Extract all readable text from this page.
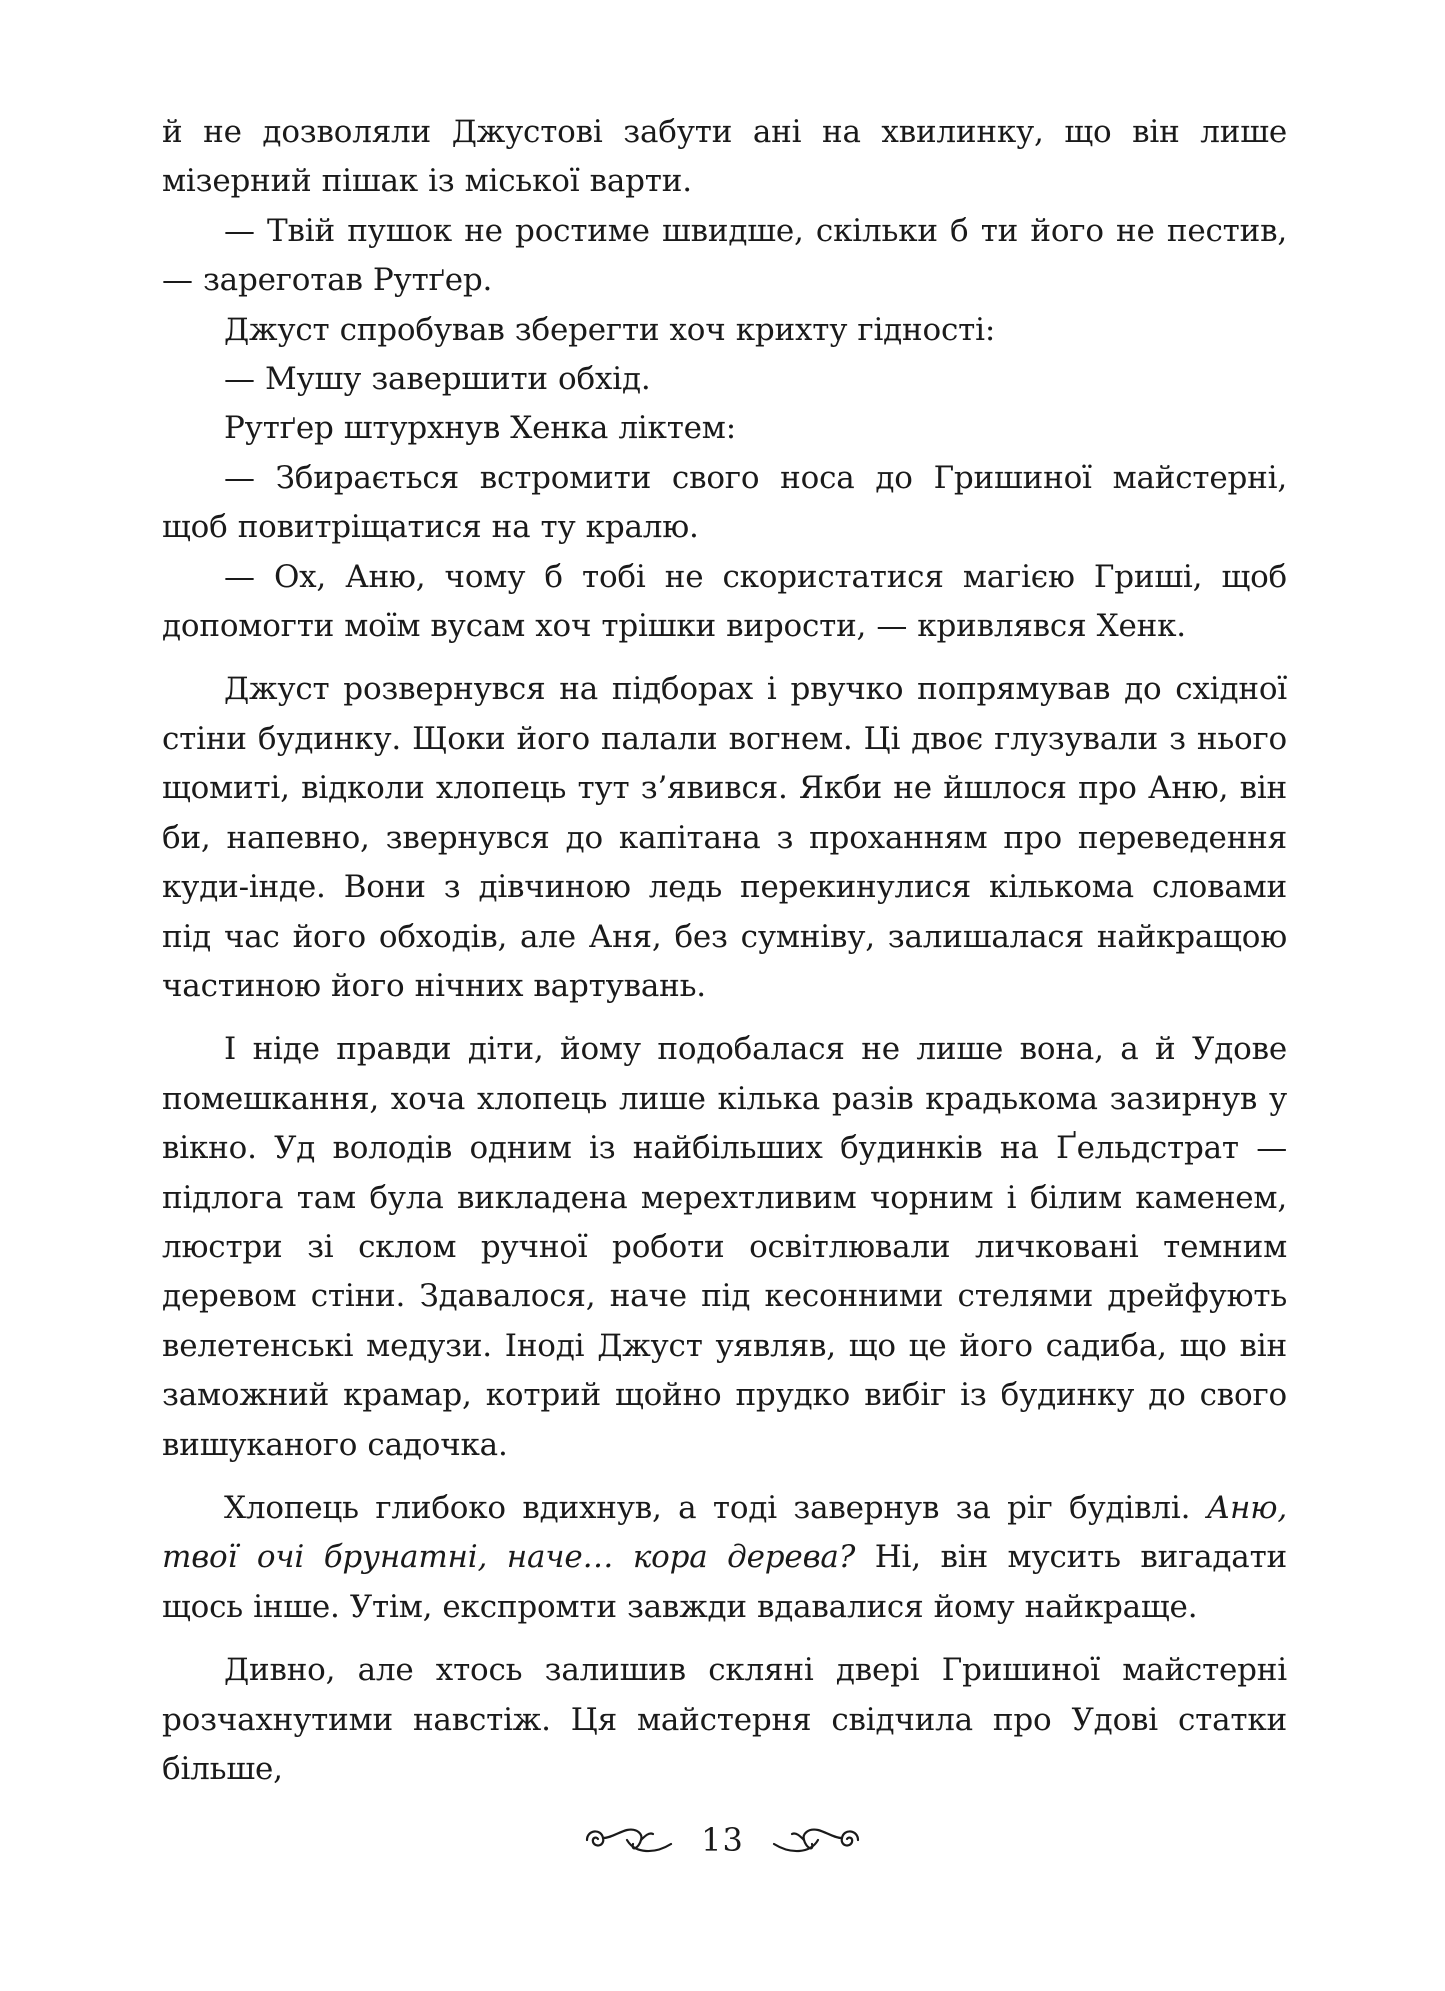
й не дозволяли Джустові забути ані на хвилинку, що він лише мізерний пішак із міської варти.

— Твій пушок не ростиме швидше, скільки б ти його не пестив, — зареготав Рутґер.

Джуст спробував зберегти хоч крихту гідності:

— Мушу завершити обхід.

Рутґер штурхнув Хенка ліктем:

— Збирається встромити свого носа до Гришиної майстерні, щоб повитріщатися на ту кралю.

— Ох, Аню, чому б тобі не скористатися магією Гриші, щоб допомогти моїм вусам хоч трішки вирости, — кривлявся Хенк.

Джуст розвернувся на підборах і рвучко попрямував до східної стіни будинку. Щоки його палали вогнем. Ці двоє глузували з нього щомиті, відколи хлопець тут з’явився. Якби не йшлося про Аню, він би, напевно, звернувся до капітана з проханням про переведення куди-інде. Вони з дівчиною ледь перекинулися кількома словами під час його обходів, але Аня, без сумніву, залишалася найкращою частиною його нічних вартувань.

І ніде правди діти, йому подобалася не лише вона, а й Удове помешкання, хоча хлопець лише кілька разів крадькома зазирнув у вікно. Уд володів одним із найбільших будинків на Ґельдстрат — підлога там була викладена мерехтливим чорним і білим каменем, люстри зі склом ручної роботи освітлювали личковані темним деревом стіни. Здавалося, наче під кесонними стелями дрейфують велетенські медузи. Іноді Джуст уявляв, що це його садиба, що він заможний крамар, котрий щойно прудко вибіг із будинку до свого вишуканого садочка.

Хлопець глибоко вдихнув, а тоді завернув за ріг будівлі. Аню, твої очі брунатні, наче… кора дерева? Ні, він мусить вигадати щось інше. Утім, експромти завжди вдавалися йому найкраще.

Дивно, але хтось залишив скляні двері Гришиної майстерні розчахнутими навстіж. Ця майстерня свідчила про Удові статки більше,

13
